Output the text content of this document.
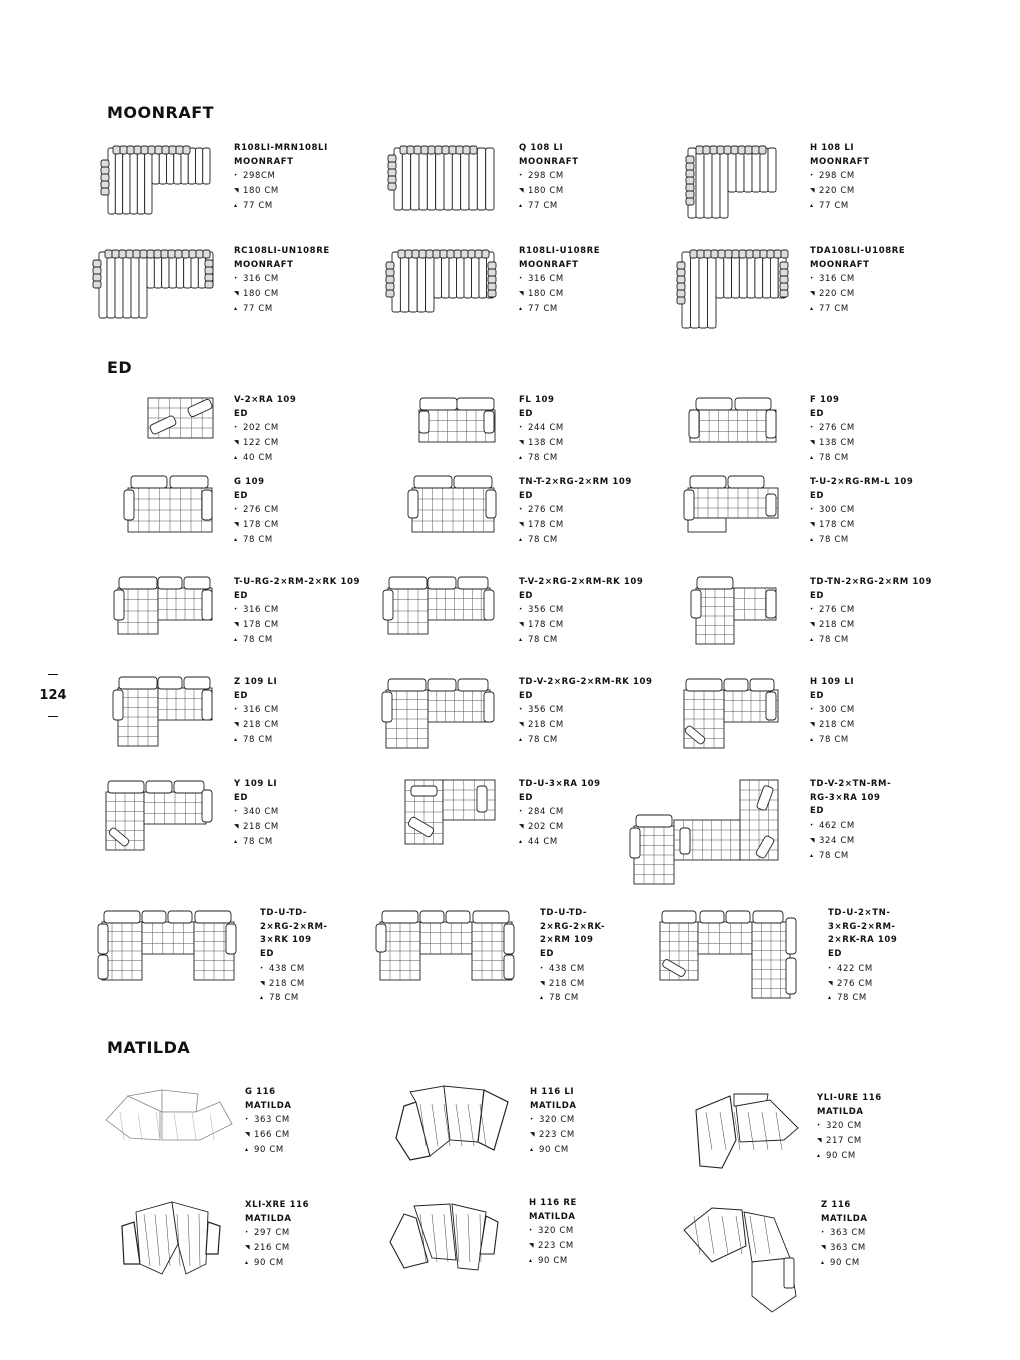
MOONRAFT
ED
MATILDA
124
R108LI-MRN108LI
MOONRAFT
‣ 298CM
◥ 180 CM
▴ 77 CM
Q 108 LI
MOONRAFT
‣ 298 CM
◥ 180 CM
▴ 77 CM
H 108 LI
MOONRAFT
‣ 298 CM
◥ 220 CM
▴ 77 CM
RC108LI-UN108RE
MOONRAFT
‣ 316 CM
◥ 180 CM
▴ 77 CM
R108LI-U108RE
MOONRAFT
‣ 316 CM
◥ 180 CM
▴ 77 CM
TDA108LI-U108RE
MOONRAFT
‣ 316 CM
◥ 220 CM
▴ 77 CM
V-2×RA 109
ED
‣ 202 CM
◥ 122 CM
▴ 40 CM
FL 109
ED
‣ 244 CM
◥ 138 CM
▴ 78 CM
F 109
ED
‣ 276 CM
◥ 138 CM
▴ 78 CM
G 109
ED
‣ 276 CM
◥ 178 CM
▴ 78 CM
TN-T-2×RG-2×RM 109
ED
‣ 276 CM
◥ 178 CM
▴ 78 CM
T-U-2×RG-RM-L 109
ED
‣ 300 CM
◥ 178 CM
▴ 78 CM
T-U-RG-2×RM-2×RK 109
ED
‣ 316 CM
◥ 178 CM
▴ 78 CM
T-V-2×RG-2×RM-RK 109
ED
‣ 356 CM
◥ 178 CM
▴ 78 CM
TD-TN-2×RG-2×RM 109
ED
‣ 276 CM
◥ 218 CM
▴ 78 CM
Z 109 LI
ED
‣ 316 CM
◥ 218 CM
▴ 78 CM
TD-V-2×RG-2×RM-RK 109
ED
‣ 356 CM
◥ 218 CM
▴ 78 CM
H 109 LI
ED
‣ 300 CM
◥ 218 CM
▴ 78 CM
Y 109 LI
ED
‣ 340 CM
◥ 218 CM
▴ 78 CM
TD-U-3×RA 109
ED
‣ 284 CM
◥ 202 CM
▴ 44 CM
TD-V-2×TN-RM-
RG-3×RA 109
ED
‣ 462 CM
◥ 324 CM
▴ 78 CM
TD-U-TD-
2×RG-2×RM-
3×RK 109
ED
‣ 438 CM
◥ 218 CM
▴ 78 CM
TD-U-TD-
2×RG-2×RK-
2×RM 109
ED
‣ 438 CM
◥ 218 CM
▴ 78 CM
TD-U-2×TN-
3×RG-2×RM-
2×RK-RA 109
ED
‣ 422 CM
◥ 276 CM
▴ 78 CM
G 116
MATILDA
‣ 363 CM
◥ 166 CM
▴ 90 CM
H 116 LI
MATILDA
‣ 320 CM
◥ 223 CM
▴ 90 CM
YLI-URE 116
MATILDA
‣ 320 CM
◥ 217 CM
▴ 90 CM
XLI-XRE 116
MATILDA
‣ 297 CM
◥ 216 CM
▴ 90 CM
H 116 RE
MATILDA
‣ 320 CM
◥ 223 CM
▴ 90 CM
Z 116
MATILDA
‣ 363 CM
◥ 363 CM
▴ 90 CM
